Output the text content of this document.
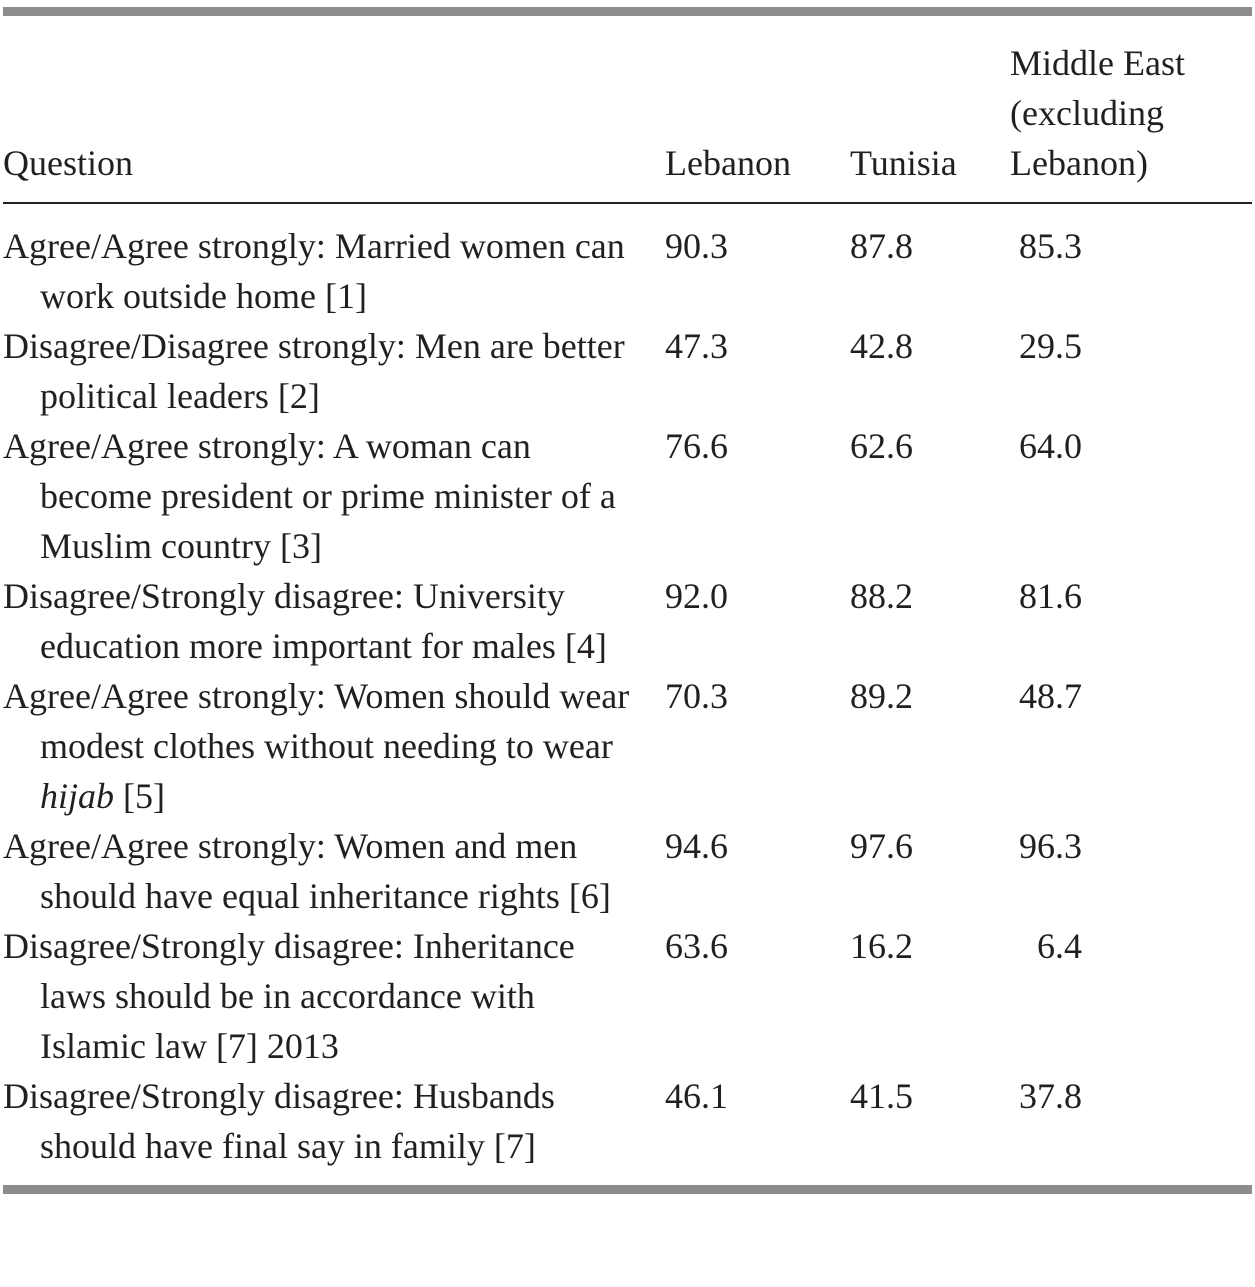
Question	Lebanon	Tunisia	Middle East
(excluding
Lebanon)

Agree/Agree strongly: Married women can work outside home [1]	90.3	87.8	85.3
Disagree/Disagree strongly: Men are better political leaders [2]	47.3	42.8	29.5
Agree/Agree strongly: A woman can become president or prime minister of a Muslim country [3]	76.6	62.6	64.0
Disagree/Strongly disagree: University education more important for males [4]	92.0	88.2	81.6
Agree/Agree strongly: Women should wear modest clothes without needing to wear hijab [5]	70.3	89.2	48.7
Agree/Agree strongly: Women and men should have equal inheritance rights [6]	94.6	97.6	96.3
Disagree/Strongly disagree: Inheritance laws should be in accordance with Islamic law [7] 2013	63.6	16.2	6.4
Disagree/Strongly disagree: Husbands should have final say in family [7]	46.1	41.5	37.8
